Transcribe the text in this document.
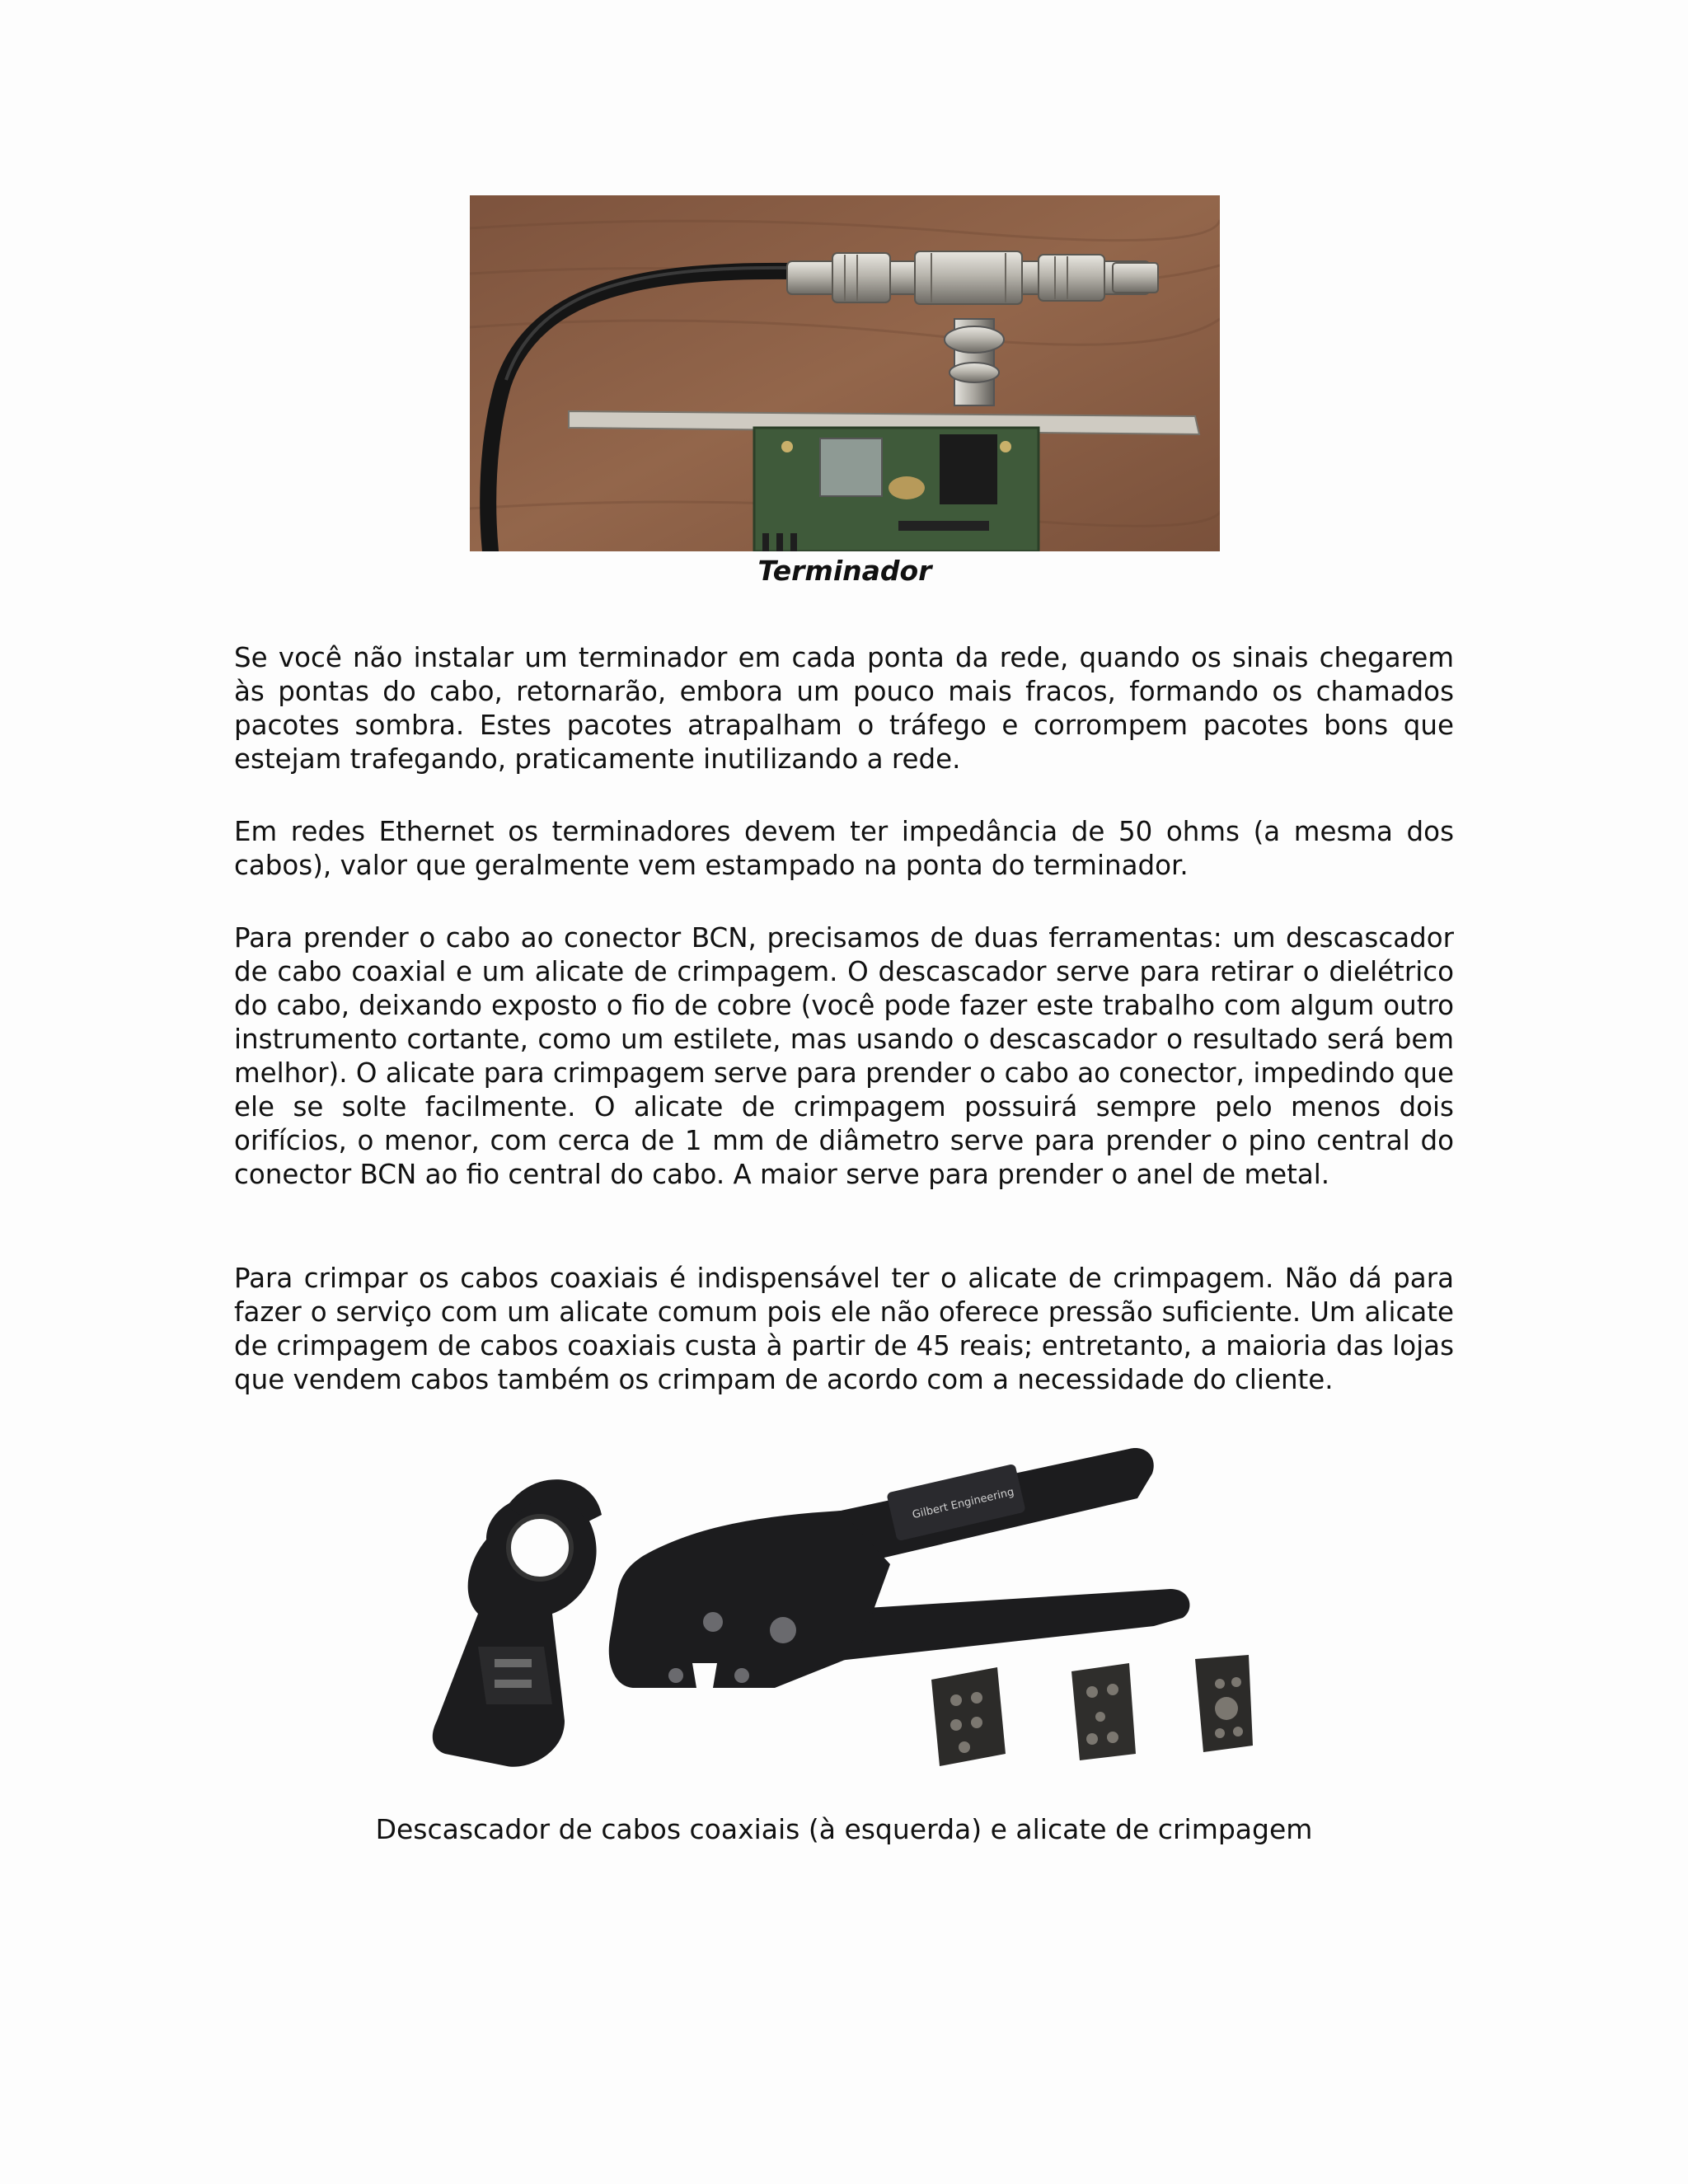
Terminador

Se você não instalar um terminador em cada ponta da rede, quando os sinais chegarem às pontas do cabo, retornarão, embora um pouco mais fracos, formando os chamados pacotes sombra. Estes pacotes atrapalham o tráfego e corrompem pacotes bons que estejam trafegando, praticamente inutilizando a rede.

Em redes Ethernet os terminadores devem ter impedância de 50 ohms (a mesma dos cabos), valor que geralmente vem estampado na ponta do terminador.

Para prender o cabo ao conector BCN, precisamos de duas ferramentas: um descascador de cabo coaxial e um alicate de crimpagem. O descascador serve para retirar o dielétrico do cabo, deixando exposto o fio de cobre (você pode fazer este trabalho com algum outro instrumento cortante, como um estilete, mas usando o descascador o resultado será bem melhor). O alicate para crimpagem serve para prender o cabo ao conector, impedindo que ele se solte facilmente. O alicate de crimpagem possuirá sempre pelo menos dois orifícios, o menor, com cerca de 1 mm de diâmetro serve para prender o pino central do conector BCN ao fio central do cabo. A maior serve para prender o anel de metal.

Para crimpar os cabos coaxiais é indispensável ter o alicate de crimpagem. Não dá para fazer o serviço com um alicate comum pois ele não oferece pressão suficiente. Um alicate de crimpagem de cabos coaxiais custa à partir de 45 reais; entretanto, a maioria das lojas que vendem cabos também os crimpam de acordo com a necessidade do cliente.

Gilbert Engineering
Descascador de cabos coaxiais (à esquerda) e alicate de crimpagem
